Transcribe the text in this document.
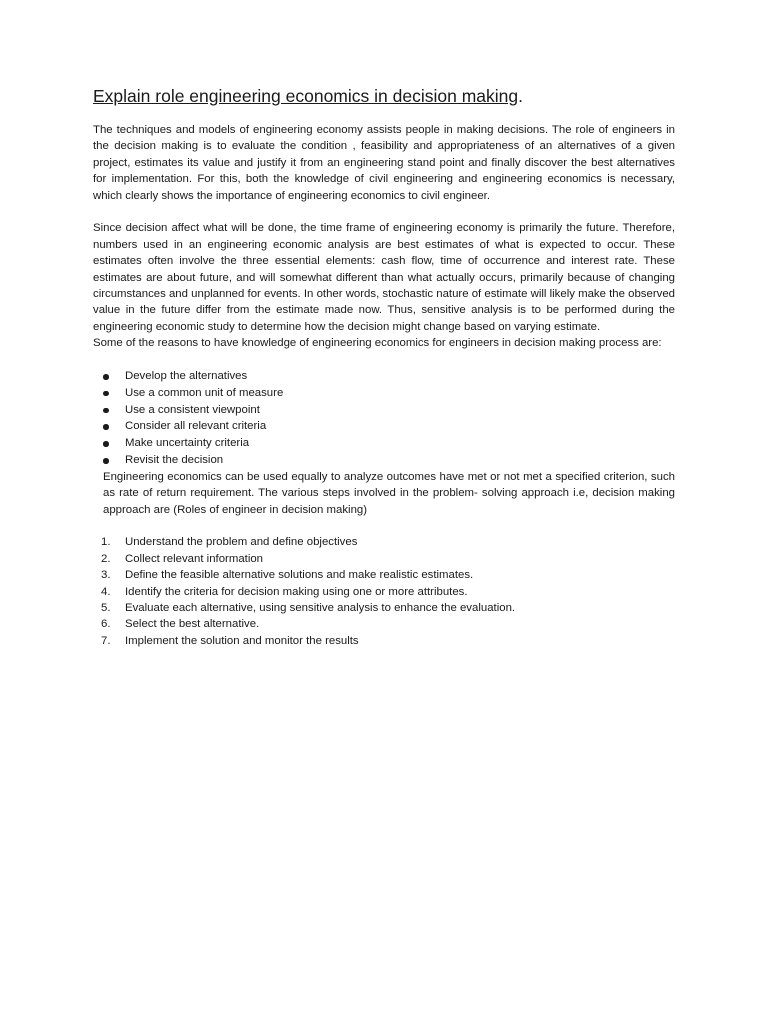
Explain role engineering economics in decision making.

The techniques and models of engineering economy assists people in making decisions. The role of engineers in the decision making is to evaluate the condition , feasibility and appropriateness of an alternatives of a given project, estimates its value and justify it from an engineering stand point and finally discover the best alternatives for implementation. For this, both the knowledge of civil engineering and engineering economics is necessary, which clearly shows the importance of engineering economics to civil engineer.

Since decision affect what will be done, the time frame of engineering economy is primarily the future. Therefore, numbers used in an engineering economic analysis are best estimates of what is expected to occur. These estimates often involve the three essential elements: cash flow, time of occurrence and interest rate. These estimates are about future, and will somewhat different than what actually occurs, primarily because of changing circumstances and unplanned for events. In other words, stochastic nature of estimate will likely make the observed value in the future differ from the estimate made now. Thus, sensitive analysis is to be performed during the engineering economic study to determine how the decision might change based on varying estimate.

Some of the reasons to have knowledge of engineering economics for engineers in decision making process are:

Develop the alternatives
Use a common unit of measure
Use a consistent viewpoint
Consider all relevant criteria
Make uncertainty criteria
Revisit the decision

Engineering economics can be used equally to analyze outcomes have met or not met a specified criterion, such as rate of return requirement. The various steps involved in the problem- solving approach i.e, decision making approach are (Roles of engineer in decision making)

1. Understand the problem and define objectives
2. Collect relevant information
3. Define the feasible alternative solutions and make realistic estimates.
4. Identify the criteria for decision making using one or more attributes.
5. Evaluate each alternative, using sensitive analysis to enhance the evaluation.
6. Select the best alternative.
7. Implement the solution and monitor the results
